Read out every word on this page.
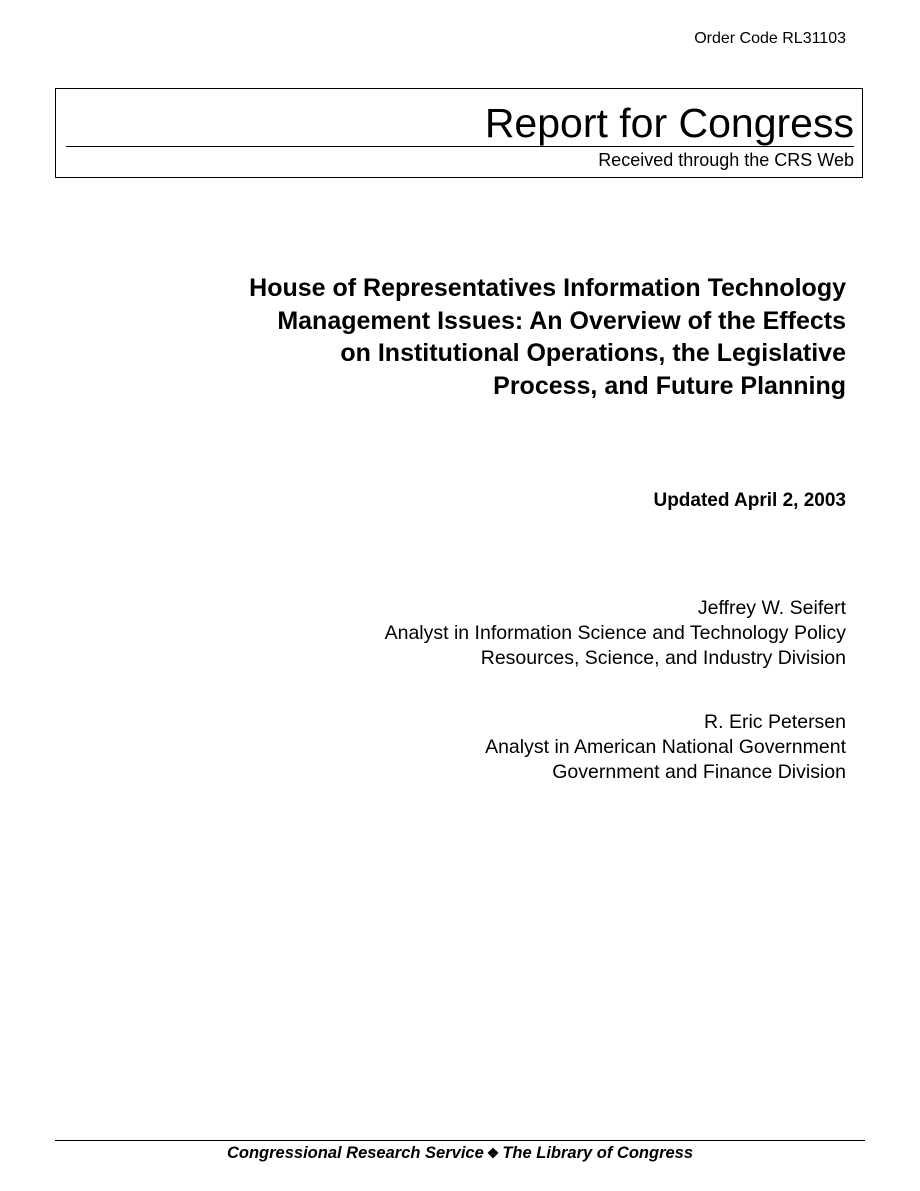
Order Code RL31103
Report for Congress
Received through the CRS Web
House of Representatives Information Technology
Management Issues: An Overview of the Effects
on Institutional Operations, the Legislative
Process, and Future Planning
Updated April 2, 2003
Jeffrey W. Seifert
Analyst in Information Science and Technology Policy
Resources, Science, and Industry Division
R. Eric Petersen
Analyst in American National Government
Government and Finance Division
Congressional Research Service ❖ The Library of Congress
